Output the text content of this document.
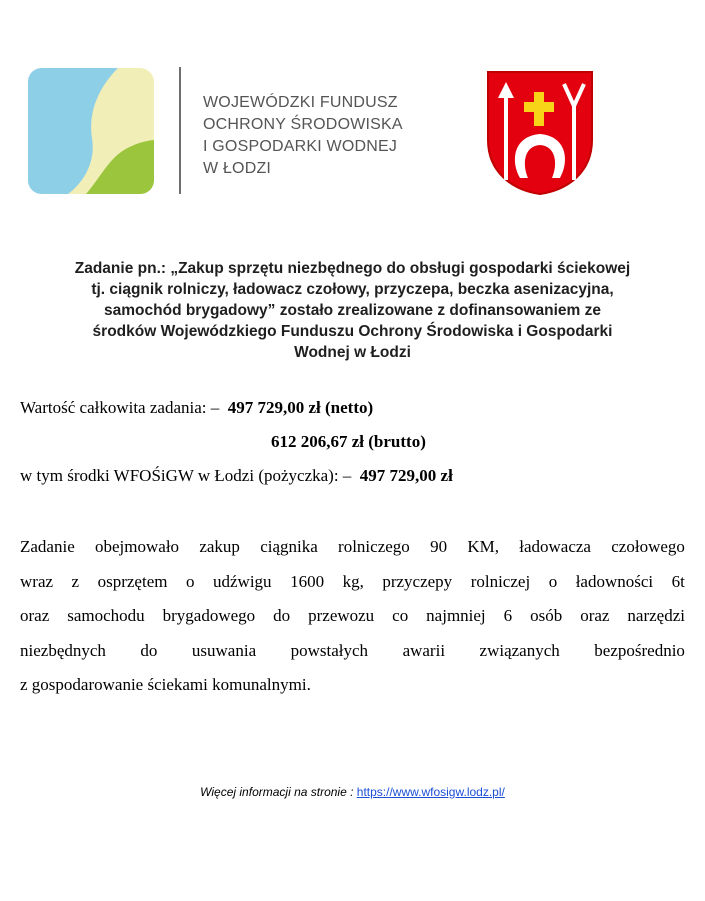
WOJEWÓDZKI FUNDUSZ
OCHRONY ŚRODOWISKA
I GOSPODARKI WODNEJ
W ŁODZI
Zadanie pn.: „Zakup sprzętu niezbędnego do obsługi gospodarki ściekowej
tj. ciągnik rolniczy, ładowacz czołowy, przyczepa, beczka asenizacyjna,
samochód brygadowy” zostało zrealizowane z dofinansowaniem ze
środków Wojewódzkiego Funduszu Ochrony Środowiska i Gospodarki
Wodnej w Łodzi
Wartość całkowita zadania: – 497 729,00 zł (netto)
612 206,67 zł (brutto)
w tym środki WFOŚiGW w Łodzi (pożyczka): – 497 729,00 zł
Zadanie obejmowało zakup ciągnika rolniczego 90 KM, ładowacza czołowego
wraz z osprzętem o udźwigu 1600 kg, przyczepy rolniczej o ładowności 6t
oraz samochodu brygadowego do przewozu co najmniej 6 osób oraz narzędzi
niezbędnych do usuwania powstałych awarii związanych bezpośrednio
z gospodarowanie ściekami komunalnymi.
Więcej informacji na stronie : https://www.wfosigw.lodz.pl/
